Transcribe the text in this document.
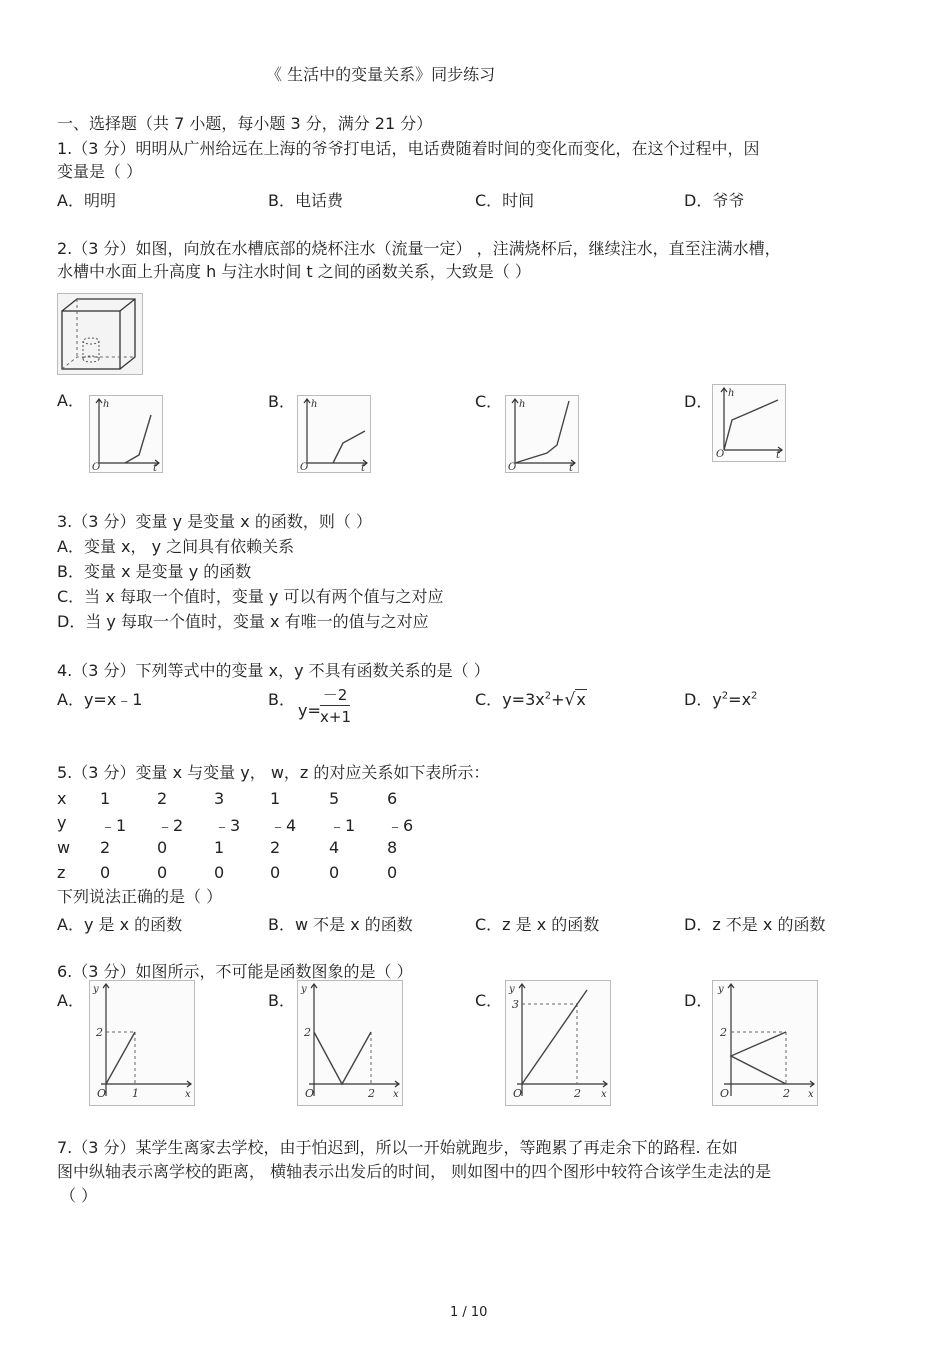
《 生活中的变量关系》同步练习
一、选择题（共 7 小题，每小题 3 分，满分 21 分）
1.（3 分）明明从广州给远在上海的爷爷打电话，电话费随着时间的变化而变化，在这个过程中，因
变量是（ ）
A．明明	B．电话费	C．时间	D．爷爷
2.（3 分）如图，向放在水槽底部的烧杯注水（流量一定） ，注满烧杯后，继续注水，直至注满水槽，
水槽中水面上升高度 h 与注水时间 t 之间的函数关系，大致是（ ）
A．	B．	C．	D．
h
O	t
h
O	t
h
O	t
h
O	t
3.（3 分）变量 y 是变量 x 的函数，则（ ）
A．变量 x， y 之间具有依赖关系
B．变量 x 是变量 y 的函数
C．当 x 每取一个值时，变量 y 可以有两个值与之对应
D．当 y 每取一个值时，变量 x 有唯一的值与之对应
4.（3 分）下列等式中的变量 x，y 不具有函数关系的是（ ）
A．y=x﹣1	B．
y=
－2
x+1
C．$y=3x^2+√x$	D．$y^2=x^2$
5.（3 分）变量 x 与变量 y， w，z 的对应关系如下表所示：
x 1	2	3	1	5	6
y ﹣1 ﹣2 ﹣3 ﹣4 ﹣1 ﹣6
w 2	0	1	2	4	8
z 0	0	0	0	0	0
下列说法正确的是（ ）
A．y 是 x 的函数	B．w 不是 x 的函数	C．z 是 x 的函数	D．z 不是 x 的函数
6.（3 分）如图所示，不可能是函数图象的是（ ）
A．	B．	C．	D．
y
O	x
2
1
y
O	x
2
2
y
O	x
3
2
y
O	x
2
2
7.（3 分）某学生离家去学校，由于怕迟到，所以一开始就跑步，等跑累了再走余下的路程. 在如
图中纵轴表示离学校的距离， 横轴表示出发后的时间， 则如图中的四个图形中较符合该学生走法的是
（ ）
1 / 10
